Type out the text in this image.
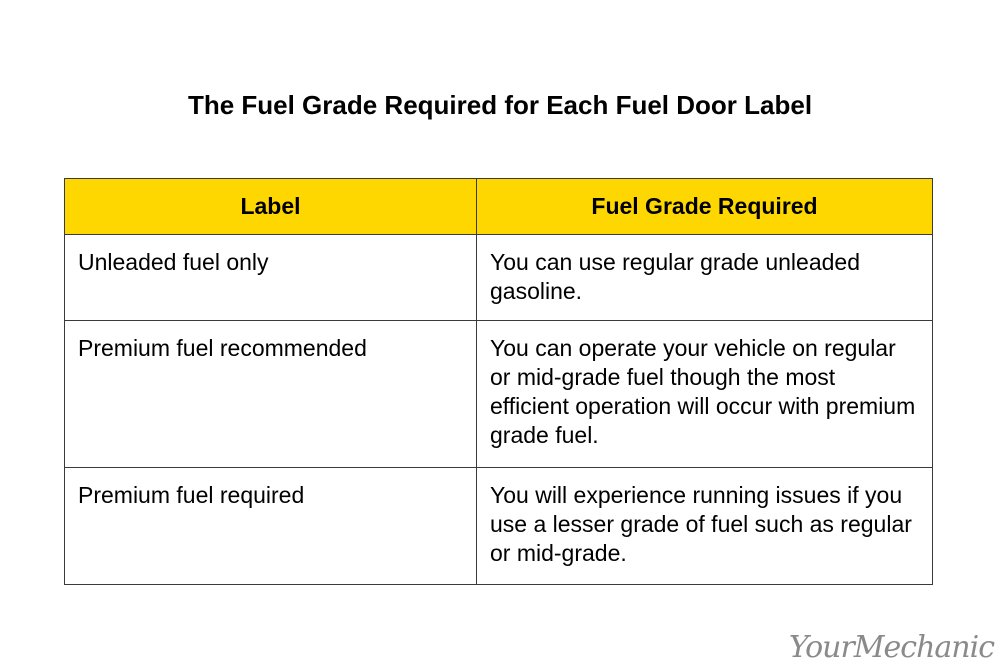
The Fuel Grade Required for Each Fuel Door Label
Label	Fuel Grade Required
Unleaded fuel only	You can use regular grade unleaded gasoline.
Premium fuel recommended	You can operate your vehicle on regular or mid-grade fuel though the most efficient operation will occur with premium grade fuel.
Premium fuel required	You will experience running issues if you use a lesser grade of fuel such as regular or mid-grade.
YourMechanic
